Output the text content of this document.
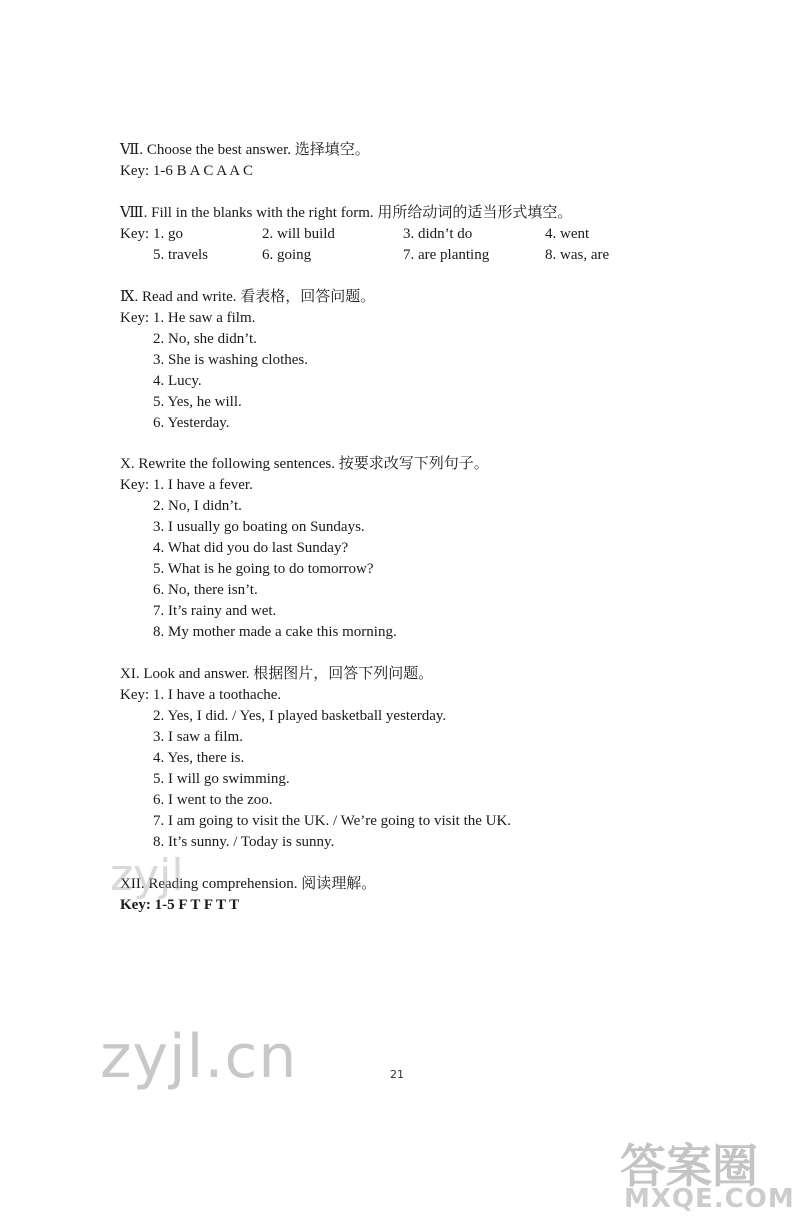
Ⅶ. Choose the best answer. 选择填空。
Key: 1-6 B A C A A C
Ⅷ. Fill in the blanks with the right form. 用所给动词的适当形式填空。
Key: 1. go	2. will build	3. didn’t do	4. went
5. travels	6. going	7. are planting	8. was, are
Ⅸ. Read and write. 看表格，回答问题。
Key: 1. He saw a film.
2. No, she didn’t.
3. She is washing clothes.
4. Lucy.
5. Yes, he will.
6. Yesterday.
X. Rewrite the following sentences. 按要求改写下列句子。
Key: 1. I have a fever.
2. No, I didn’t.
3. I usually go boating on Sundays.
4. What did you do last Sunday?
5. What is he going to do tomorrow?
6. No, there isn’t.
7. It’s rainy and wet.
8. My mother made a cake this morning.
XI. Look and answer. 根据图片，回答下列问题。
Key: 1. I have a toothache.
2. Yes, I did. / Yes, I played basketball yesterday.
3. I saw a film.
4. Yes, there is.
5. I will go swimming.
6. I went to the zoo.
7. I am going to visit the UK. / We’re going to visit the UK.
8. It’s sunny. / Today is sunny.
XII. Reading comprehension. 阅读理解。
Key: 1-5 F T F T T
zyjl
zyjl.cn
答案圈
MXQE.COM
21
